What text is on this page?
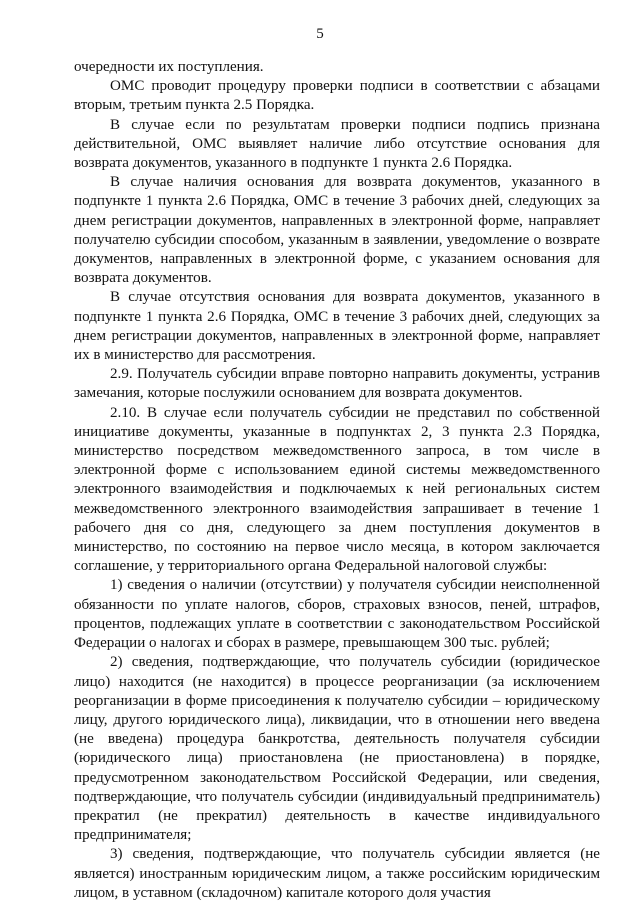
5

очередности их поступления.

ОМС проводит процедуру проверки подписи в соответствии с абзацами вторым, третьим пункта 2.5 Порядка.

В случае если по результатам проверки подписи подпись признана действительной, ОМС выявляет наличие либо отсутствие основания для возврата документов, указанного в подпункте 1 пункта 2.6 Порядка.

В случае наличия основания для возврата документов, указанного в подпункте 1 пункта 2.6 Порядка, ОМС в течение 3 рабочих дней, следующих за днем регистрации документов, направленных в электронной форме, направляет получателю субсидии способом, указанным в заявлении, уведомление о возврате документов, направленных в электронной форме, с указанием основания для возврата документов.

В случае отсутствия основания для возврата документов, указанного в подпункте 1 пункта 2.6 Порядка, ОМС в течение 3 рабочих дней, следующих за днем регистрации документов, направленных в электронной форме, направляет их в министерство для рассмотрения.

2.9. Получатель субсидии вправе повторно направить документы, устранив замечания, которые послужили основанием для возврата документов.

2.10. В случае если получатель субсидии не представил по собственной инициативе документы, указанные в подпунктах 2, 3 пункта 2.3 Порядка, министерство посредством межведомственного запроса, в том числе в электронной форме с использованием единой системы межведомственного электронного взаимодействия и подключаемых к ней региональных систем межведомственного электронного взаимодействия запрашивает в течение 1 рабочего дня со дня, следующего за днем поступления документов в министерство, по состоянию на первое число месяца, в котором заключается соглашение, у территориального органа Федеральной налоговой службы:

1) сведения о наличии (отсутствии) у получателя субсидии неисполненной обязанности по уплате налогов, сборов, страховых взносов, пеней, штрафов, процентов, подлежащих уплате в соответствии с законодательством Российской Федерации о налогах и сборах в размере, превышающем 300 тыс. рублей;

2) сведения, подтверждающие, что получатель субсидии (юридическое лицо) находится (не находится) в процессе реорганизации (за исключением реорганизации в форме присоединения к получателю субсидии – юридическому лицу, другого юридического лица), ликвидации, что в отношении него введена (не введена) процедура банкротства, деятельность получателя субсидии (юридического лица) приостановлена (не приостановлена) в порядке, предусмотренном законодательством Российской Федерации, или сведения, подтверждающие, что получатель субсидии (индивидуальный предприниматель) прекратил (не прекратил) деятельность в качестве индивидуального предпринимателя;

3) сведения, подтверждающие, что получатель субсидии является (не является) иностранным юридическим лицом, а также российским юридическим лицом, в уставном (складочном) капитале которого доля участия
